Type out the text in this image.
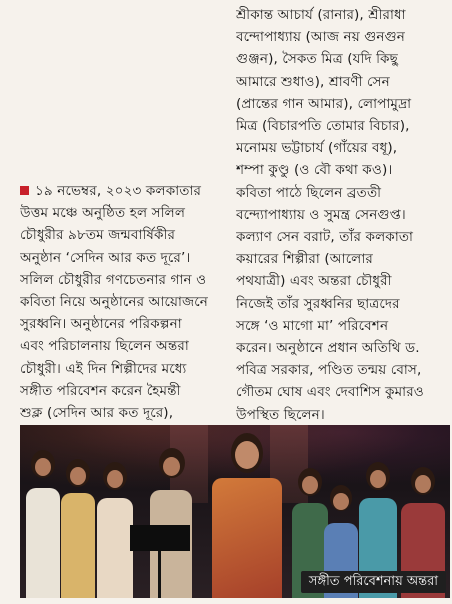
১৯ নভেম্বর, ২০২৩ কলকাতার
উত্তম মঞ্চে অনুষ্ঠিত হল সলিল
চৌধুরীর ৯৮তম জন্মবার্ষিকীর
অনুষ্ঠান ‘সেদিন আর কত দূরে’।
সলিল চৌধুরীর গণচেতনার গান ও
কবিতা নিয়ে অনুষ্ঠানের আয়োজনে
সুরধ্বনি। অনুষ্ঠানের পরিকল্পনা
এবং পরিচালনায় ছিলেন অন্তরা
চৌধুরী। এই দিন শিল্পীদের মধ্যে
সঙ্গীত পরিবেশন করেন হৈমন্তী
শুক্ল (সেদিন আর কত দূরে),
শ্রীকান্ত আচার্য (রানার), শ্রীরাধা
বন্দোপাধ্যায় (আজ নয় গুনগুন
গুঞ্জন), সৈকত মিত্র (যদি কিছু
আমারে শুধাও), শ্রাবণী সেন
(প্রান্তের গান আমার), লোপামুদ্রা
মিত্র (বিচারপতি তোমার বিচার),
মনোময় ভট্টাচার্য (গাঁয়ের বধূ),
শম্পা কুণ্ডু (ও বৌ কথা কও)।
কবিতা পাঠে ছিলেন ব্রততী
বন্দ্যোপাধ্যায় ও সুমন্ত্র সেনগুপ্ত।
কল্যাণ সেন বরাট, তাঁর কলকাতা
কয়ারের শিল্পীরা (আলোর
পথযাত্রী) এবং অন্তরা চৌধুরী
নিজেই তাঁর সুরধ্বনির ছাত্রদের
সঙ্গে ‘ও মাগো মা’ পরিবেশন
করেন। অনুষ্ঠানে প্রধান অতিথি ড.
পবিত্র সরকার, পণ্ডিত তন্ময় বোস,
গৌতম ঘোষ এবং দেবাশিস কুমারও
উপস্থিত ছিলেন।
সঙ্গীত পরিবেশনায় অন্তরা
